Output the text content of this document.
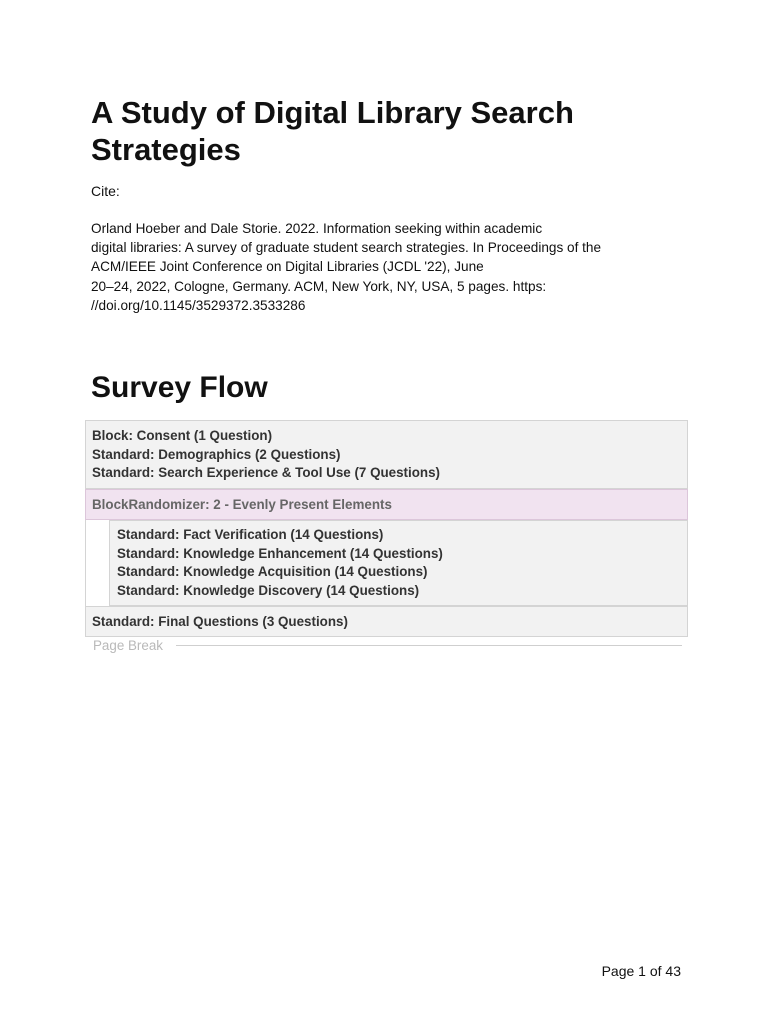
A Study of Digital Library Search Strategies

Cite:

Orland Hoeber and Dale Storie. 2022. Information seeking within academic
digital libraries: A survey of graduate student search strategies. In Proceedings of the
ACM/IEEE Joint Conference on Digital Libraries (JCDL '22), June
20–24, 2022, Cologne, Germany. ACM, New York, NY, USA, 5 pages. https:
//doi.org/10.1145/3529372.3533286

Survey Flow
Block: Consent (1 Question)
Standard: Demographics (2 Questions)
Standard: Search Experience & Tool Use (7 Questions)
BlockRandomizer: 2 - Evenly Present Elements
Standard: Fact Verification (14 Questions)
Standard: Knowledge Enhancement (14 Questions)
Standard: Knowledge Acquisition (14 Questions)
Standard: Knowledge Discovery (14 Questions)
Standard: Final Questions (3 Questions)
Page Break
Page 1 of 43
